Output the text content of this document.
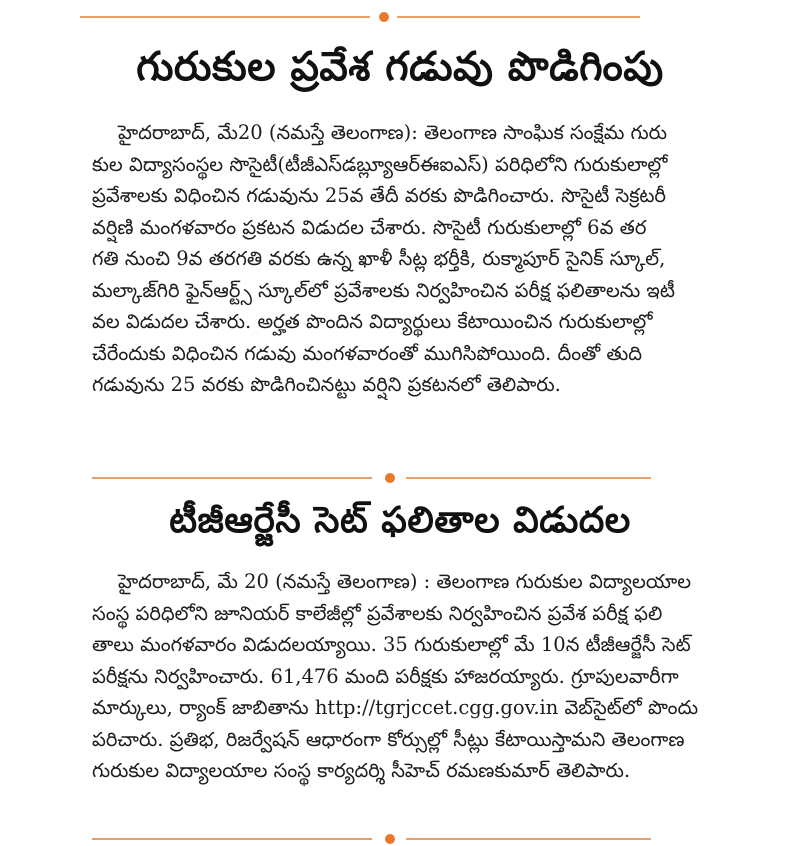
గురుకుల ప్రవేశ గడువు పొడిగింపు
హైదరాబాద్, మే20 (నమస్తే తెలంగాణ): తెలంగాణ సాంఘిక సంక్షేమ గురు
కుల విద్యాసంస్థల సొసైటీ(టీజీఎస్‌డబ్ల్యూఆర్‌ఈఐఎస్) పరిధిలోని గురుకులాల్లో
ప్రవేశాలకు విధించిన గడువును 25వ తేదీ వరకు పొడిగించారు. సొసైటీ సెక్రటరీ
వర్షిణి మంగళవారం ప్రకటన విడుదల చేశారు. సొసైటీ గురుకులాల్లో 6వ తర
గతి నుంచి 9వ తరగతి వరకు ఉన్న ఖాళీ సీట్ల భర్తీకి, రుక్మాపూర్ సైనిక్ స్కూల్,
మల్కాజ్‌గిరి ఫైన్‌ఆర్ట్స్ స్కూల్‌లో ప్రవేశాలకు నిర్వహించిన పరీక్ష ఫలితాలను ఇటీ
వల విడుదల చేశారు. అర్హత పొందిన విద్యార్థులు కేటాయించిన గురుకులాల్లో
చేరేందుకు విధించిన గడువు మంగళవారంతో ముగిసిపోయింది. దీంతో తుది
గడువును 25 వరకు పొడిగించినట్టు వర్షిని ప్రకటనలో తెలిపారు.
టీజీఆర్జేసీ సెట్ ఫలితాల విడుదల
హైదరాబాద్, మే 20 (నమస్తే తెలంగాణ) : తెలంగాణ గురుకుల విద్యాలయాల
సంస్థ పరిధిలోని జూనియర్ కాలేజీల్లో ప్రవేశాలకు నిర్వహించిన ప్రవేశ పరీక్ష ఫలి
తాలు మంగళవారం విడుదలయ్యాయి. 35 గురుకులాల్లో మే 10న టీజీఆర్జేసీ సెట్
పరీక్షను నిర్వహించారు. 61,476 మంది పరీక్షకు హాజరయ్యారు. గ్రూపులవారీగా
మార్కులు, ర్యాంక్ జాబితాను http://tgrjccet.cgg.gov.in వెబ్‌సైట్‌లో పొందు
పరిచారు. ప్రతిభ, రిజర్వేషన్ ఆధారంగా కోర్సుల్లో సీట్లు కేటాయిస్తామని తెలంగాణ
గురుకుల విద్యాలయాల సంస్థ కార్యదర్శి సీహెచ్ రమణకుమార్ తెలిపారు.
